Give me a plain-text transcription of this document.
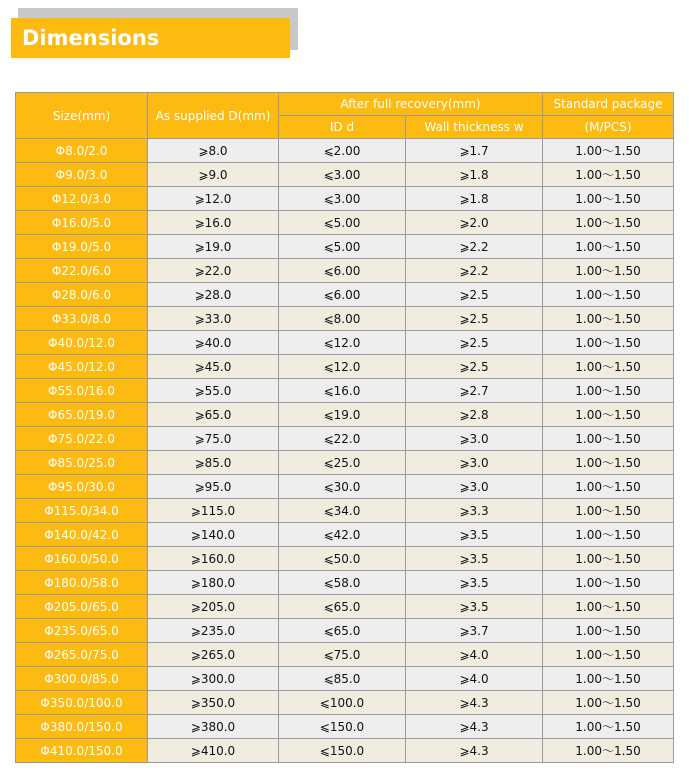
Dimensions
Size(mm)	As supplied D(mm)	After full recovery(mm)		Standard package
		ID d	Wall thickness w	(M/PCS)
Φ8.0/2.0	⩾8.0	⩽2.00	⩾1.7	1.00～1.50
Φ9.0/3.0	⩾9.0	⩽3.00	⩾1.8	1.00～1.50
Φ12.0/3.0	⩾12.0	⩽3.00	⩾1.8	1.00～1.50
Φ16.0/5.0	⩾16.0	⩽5.00	⩾2.0	1.00～1.50
Φ19.0/5.0	⩾19.0	⩽5.00	⩾2.2	1.00～1.50
Φ22.0/6.0	⩾22.0	⩽6.00	⩾2.2	1.00～1.50
Φ28.0/6.0	⩾28.0	⩽6.00	⩾2.5	1.00～1.50
Φ33.0/8.0	⩾33.0	⩽8.00	⩾2.5	1.00～1.50
Φ40.0/12.0	⩾40.0	⩽12.0	⩾2.5	1.00～1.50
Φ45.0/12.0	⩾45.0	⩽12.0	⩾2.5	1.00～1.50
Φ55.0/16.0	⩾55.0	⩽16.0	⩾2.7	1.00～1.50
Φ65.0/19.0	⩾65.0	⩽19.0	⩾2.8	1.00～1.50
Φ75.0/22.0	⩾75.0	⩽22.0	⩾3.0	1.00～1.50
Φ85.0/25.0	⩾85.0	⩽25.0	⩾3.0	1.00～1.50
Φ95.0/30.0	⩾95.0	⩽30.0	⩾3.0	1.00～1.50
Φ115.0/34.0	⩾115.0	⩽34.0	⩾3.3	1.00～1.50
Φ140.0/42.0	⩾140.0	⩽42.0	⩾3.5	1.00～1.50
Φ160.0/50.0	⩾160.0	⩽50.0	⩾3.5	1.00～1.50
Φ180.0/58.0	⩾180.0	⩽58.0	⩾3.5	1.00～1.50
Φ205.0/65.0	⩾205.0	⩽65.0	⩾3.5	1.00～1.50
Φ235.0/65.0	⩾235.0	⩽65.0	⩾3.7	1.00～1.50
Φ265.0/75.0	⩾265.0	⩽75.0	⩾4.0	1.00～1.50
Φ300.0/85.0	⩾300.0	⩽85.0	⩾4.0	1.00～1.50
Φ350.0/100.0	⩾350.0	⩽100.0	⩾4.3	1.00～1.50
Φ380.0/150.0	⩾380.0	⩽150.0	⩾4.3	1.00～1.50
Φ410.0/150.0	⩾410.0	⩽150.0	⩾4.3	1.00～1.50
